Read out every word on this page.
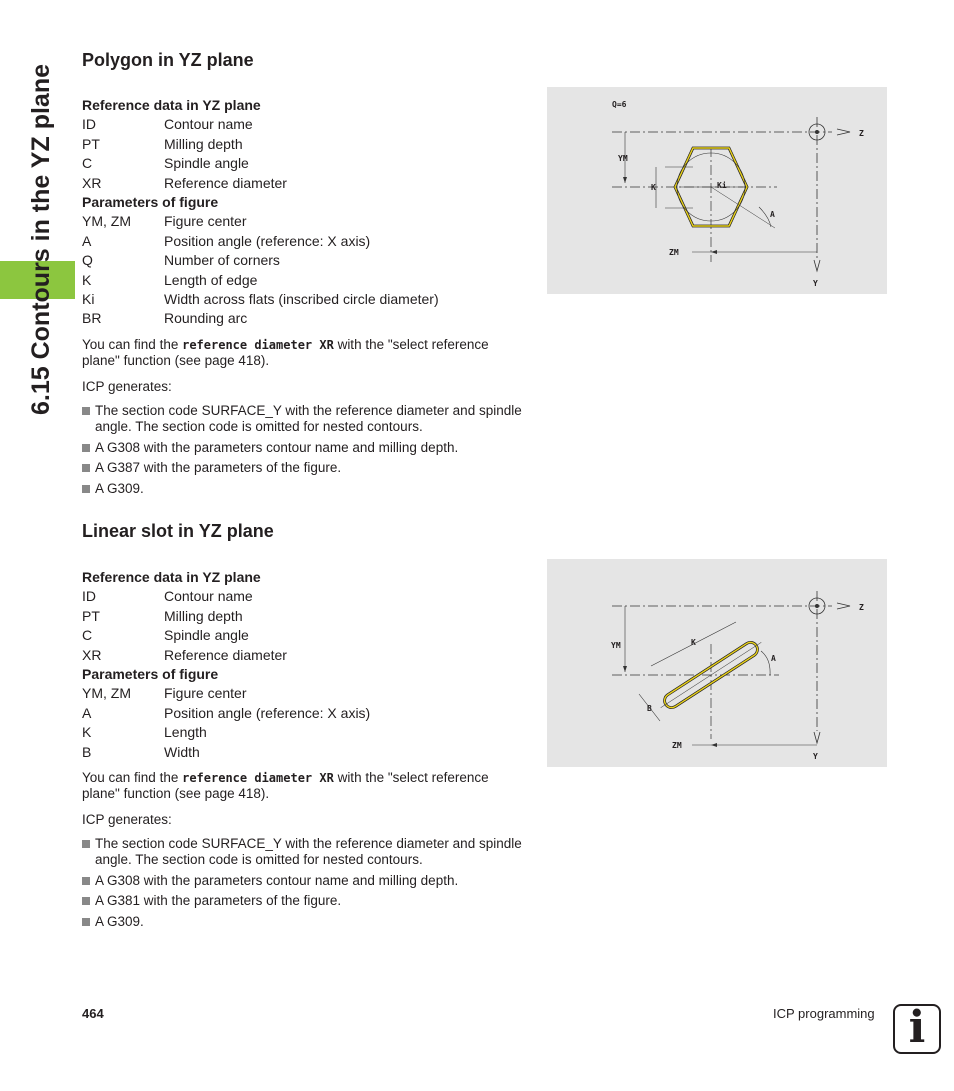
6.15 Contours in the YZ plane
Polygon in YZ plane
Reference data in YZ plane
ID	Contour name
PT	Milling depth
C	Spindle angle
XR	Reference diameter
Parameters of figure
YM, ZM Figure center
A	Position angle (reference: X axis)
Q	Number of corners
K	Length of edge
Ki	Width across flats (inscribed circle diameter)
BR	Rounding arc

You can find the reference diameter XR with the "select reference plane" function (see page 418).

ICP generates:

The section code SURFACE_Y with the reference diameter and spindle angle. The section code is omitted for nested contours.
A G308 with the parameters contour name and milling depth.
A G387 with the parameters of the figure.
A G309.
Linear slot in YZ plane
Reference data in YZ plane
ID	Contour name
PT	Milling depth
C	Spindle angle
XR	Reference diameter
Parameters of figure
YM, ZM Figure center
A	Position angle (reference: X axis)
K	Length
B	Width

You can find the reference diameter XR with the "select reference plane" function (see page 418).

ICP generates:

The section code SURFACE_Y with the reference diameter and spindle angle. The section code is omitted for nested contours.
A G308 with the parameters contour name and milling depth.
A G381 with the parameters of the figure.
A G309.
Z
Y
Q=6
YM
K	Ki
A
ZM
Z
Y
K
B
YM
A
ZM
464	ICP programming i
